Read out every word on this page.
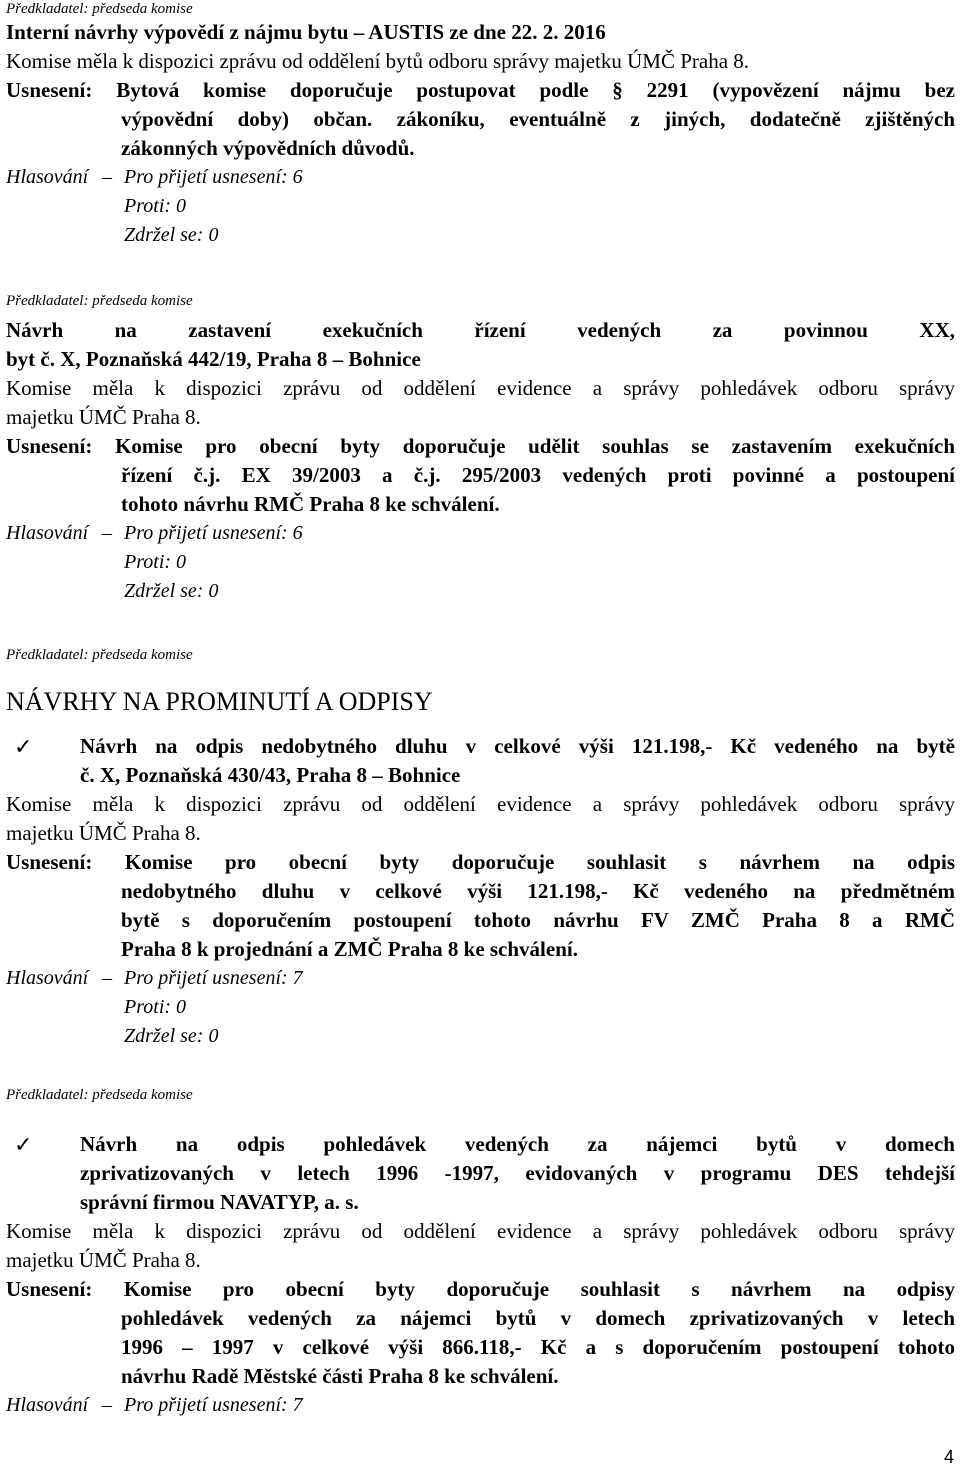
Předkladatel: předseda komise
Interní návrhy výpovědí z nájmu bytu – AUSTIS ze dne 22. 2. 2016
Komise měla k dispozici zprávu od oddělení bytů odboru správy majetku ÚMČ Praha 8.
Usnesení: Bytová komise doporučuje postupovat podle § 2291 (vypovězení nájmu bez
výpovědní doby) občan. zákoníku, eventuálně z jiných, dodatečně zjištěných
zákonných výpovědních důvodů.
Hlasování – Pro přijetí usnesení: 6
Proti: 0
Zdržel se: 0
Předkladatel: předseda komise
Návrh na zastavení exekučních řízení vedených za povinnou XX,
byt č. X, Poznaňská 442/19, Praha 8 – Bohnice
Komise měla k dispozici zprávu od oddělení evidence a správy pohledávek odboru správy
majetku ÚMČ Praha 8.
Usnesení: Komise pro obecní byty doporučuje udělit souhlas se zastavením exekučních
řízení č.j. EX 39/2003 a č.j. 295/2003 vedených proti povinné a postoupení
tohoto návrhu RMČ Praha 8 ke schválení.
Hlasování – Pro přijetí usnesení: 6
Proti: 0
Zdržel se: 0
Předkladatel: předseda komise
NÁVRHY NA PROMINUTÍ A ODPISY
✓	Návrh na odpis nedobytného dluhu v celkové výši 121.198,- Kč vedeného na bytě
č. X, Poznaňská 430/43, Praha 8 – Bohnice
Komise měla k dispozici zprávu od oddělení evidence a správy pohledávek odboru správy
majetku ÚMČ Praha 8.
Usnesení: Komise pro obecní byty doporučuje souhlasit s návrhem na odpis
nedobytného dluhu v celkové výši 121.198,- Kč vedeného na předmětném
bytě s doporučením postoupení tohoto návrhu FV ZMČ Praha 8 a RMČ
Praha 8 k projednání a ZMČ Praha 8 ke schválení.
Hlasování – Pro přijetí usnesení: 7
Proti: 0
Zdržel se: 0
Předkladatel: předseda komise
✓	Návrh na odpis pohledávek vedených za nájemci bytů v domech
zprivatizovaných v letech 1996 -1997, evidovaných v programu DES tehdejší
správní firmou NAVATYP, a. s.
Komise měla k dispozici zprávu od oddělení evidence a správy pohledávek odboru správy
majetku ÚMČ Praha 8.
Usnesení: Komise pro obecní byty doporučuje souhlasit s návrhem na odpisy
pohledávek vedených za nájemci bytů v domech zprivatizovaných v letech
1996 – 1997 v celkové výši 866.118,- Kč a s doporučením postoupení tohoto
návrhu Radě Městské části Praha 8 ke schválení.
Hlasování – Pro přijetí usnesení: 7
4
